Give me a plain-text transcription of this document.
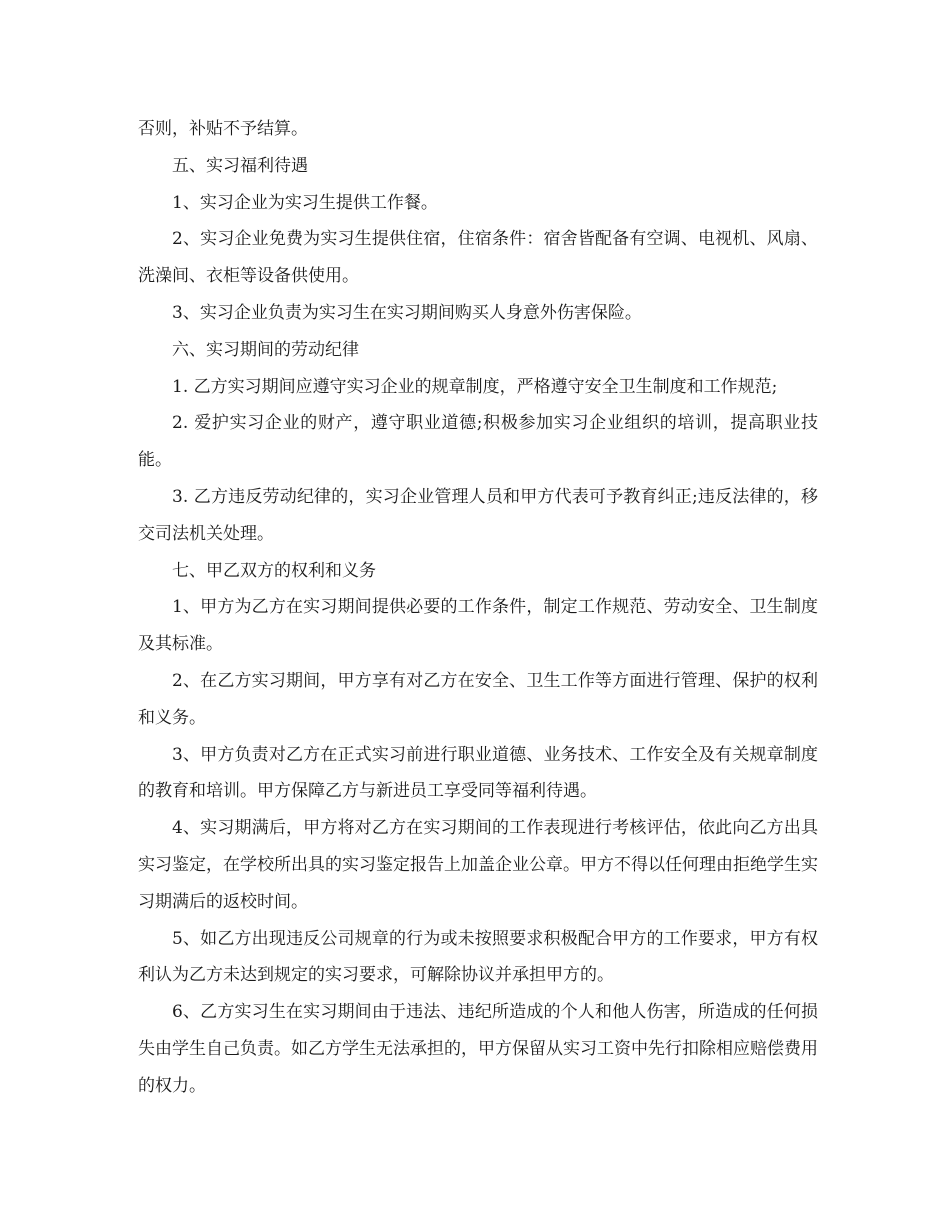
否则，补贴不予结算。

五、实习福利待遇

1、实习企业为实习生提供工作餐。

2、实习企业免费为实习生提供住宿，住宿条件：宿舍皆配备有空调、电视机、风扇、洗澡间、衣柜等设备供使用。

3、实习企业负责为实习生在实习期间购买人身意外伤害保险。

六、实习期间的劳动纪律

1. 乙方实习期间应遵守实习企业的规章制度，严格遵守安全卫生制度和工作规范;

2. 爱护实习企业的财产，遵守职业道德;积极参加实习企业组织的培训，提高职业技能。

3. 乙方违反劳动纪律的，实习企业管理人员和甲方代表可予教育纠正;违反法律的，移交司法机关处理。

七、甲乙双方的权利和义务

1、甲方为乙方在实习期间提供必要的工作条件，制定工作规范、劳动安全、卫生制度及其标准。

2、在乙方实习期间，甲方享有对乙方在安全、卫生工作等方面进行管理、保护的权利和义务。

3、甲方负责对乙方在正式实习前进行职业道德、业务技术、工作安全及有关规章制度的教育和培训。甲方保障乙方与新进员工享受同等福利待遇。

4、实习期满后，甲方将对乙方在实习期间的工作表现进行考核评估，依此向乙方出具实习鉴定，在学校所出具的实习鉴定报告上加盖企业公章。甲方不得以任何理由拒绝学生实习期满后的返校时间。

5、如乙方出现违反公司规章的行为或未按照要求积极配合甲方的工作要求，甲方有权利认为乙方未达到规定的实习要求，可解除协议并承担甲方的。

6、乙方实习生在实习期间由于违法、违纪所造成的个人和他人伤害，所造成的任何损失由学生自己负责。如乙方学生无法承担的，甲方保留从实习工资中先行扣除相应赔偿费用的权力。
